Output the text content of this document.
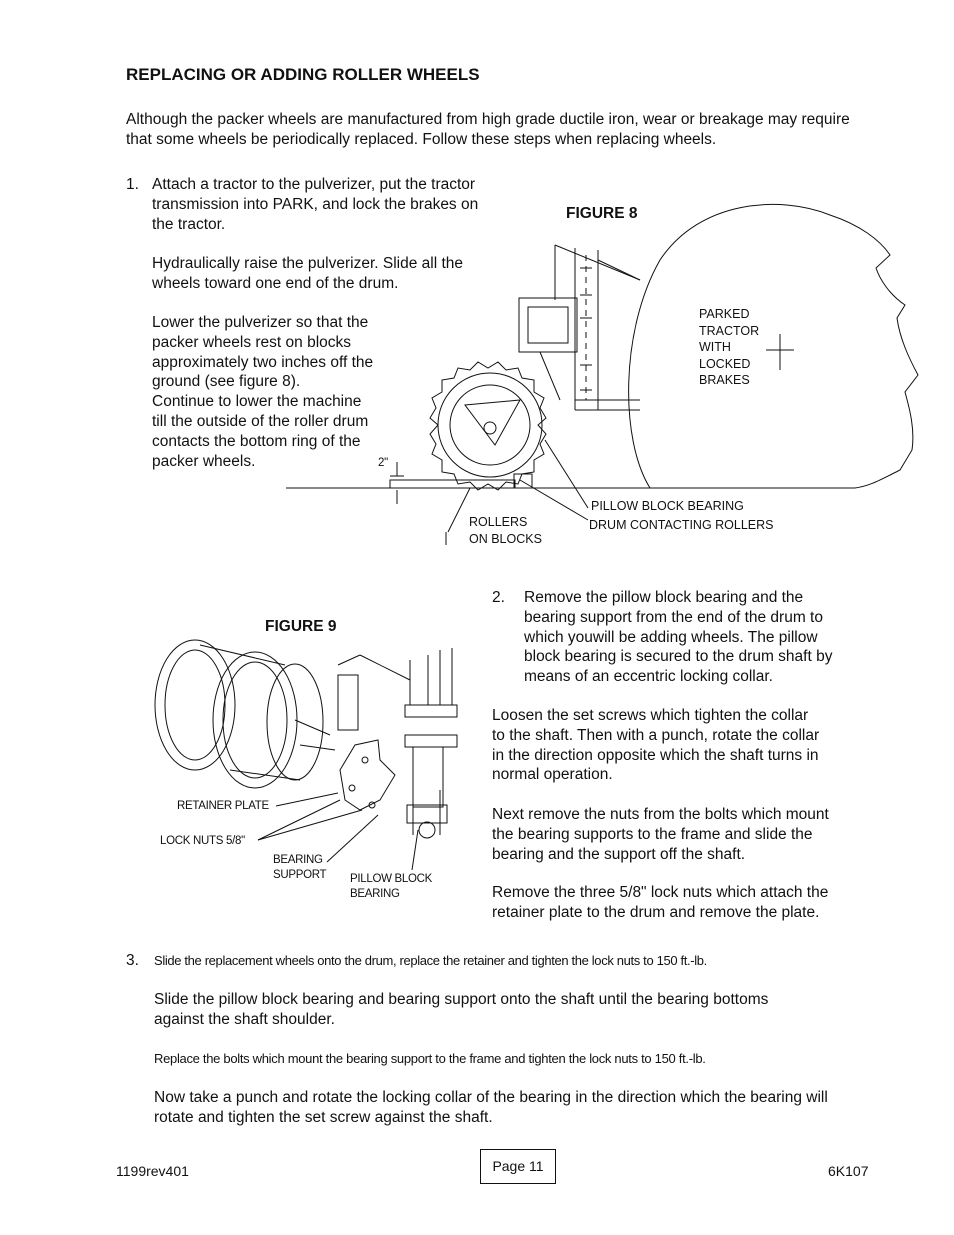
REPLACING OR ADDING ROLLER WHEELS
Although the packer wheels are manufactured from high grade ductile iron, wear or breakage may require that some wheels be periodically replaced. Follow these steps when replacing wheels.
1. Attach a tractor to the pulverizer, put the tractor
transmission into PARK, and lock the brakes on
the tractor.
Hydraulically raise the pulverizer. Slide all the
wheels toward one end of the drum.
Lower the pulverizer so that the
packer wheels rest on blocks
approximately two inches off the
ground (see figure 8).
Continue to lower the machine
till the outside of the roller drum
contacts the bottom ring of the
packer wheels.
FIGURE 8
PARKED
TRACTOR
WITH
LOCKED
BRAKES
2"
PILLOW BLOCK BEARING
DRUM CONTACTING ROLLERS
ROLLERS
ON BLOCKS
FIGURE 9
RETAINER PLATE
LOCK NUTS 5/8"
BEARING
SUPPORT PILLOW BLOCK
BEARING
2. Remove the pillow block bearing and the
bearing support from the end of the drum to
which youwill be adding wheels. The pillow
block bearing is secured to the drum shaft by
means of an eccentric locking collar.
Loosen the set screws which tighten the collar
to the shaft. Then with a punch, rotate the collar
in the direction opposite which the shaft turns in
normal operation.
Next remove the nuts from the bolts which mount
the bearing supports to the frame and slide the
bearing and the support off the shaft.
Remove the three 5/8" lock nuts which attach the
retainer plate to the drum and remove the plate.
3. Slide the replacement wheels onto the drum, replace the retainer and tighten the lock nuts to 150 ft.-lb.
Slide the pillow block bearing and bearing support onto the shaft until the bearing bottoms
against the shaft shoulder.
Replace the bolts which mount the bearing support to the frame and tighten the lock nuts to 150 ft.-lb.
Now take a punch and rotate the locking collar of the bearing in the direction which the bearing will
rotate and tighten the set screw against the shaft.
1199rev401	Page 11	6K107
